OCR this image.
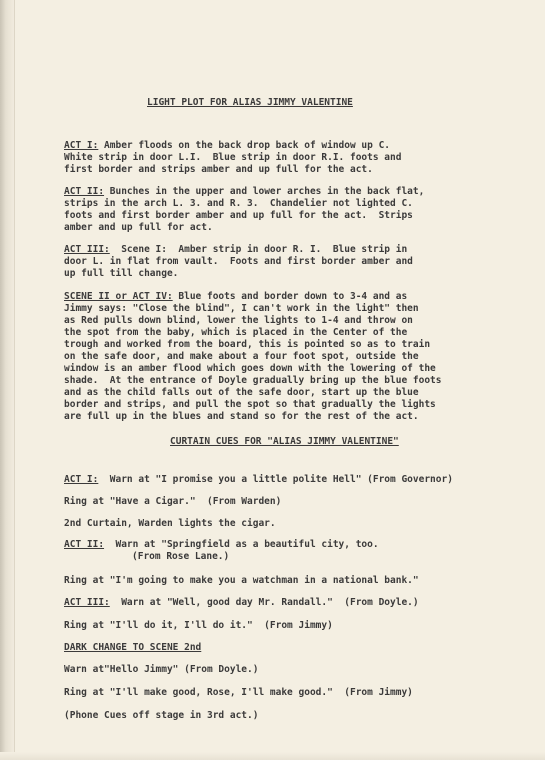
LIGHT PLOT FOR ALIAS JIMMY VALENTINE
ACT I: Amber floods on the back drop back of window up C.
White strip in door L.I.  Blue strip in door R.I. foots and
first border and strips amber and up full for the act.
ACT II: Bunches in the upper and lower arches in the back flat,
strips in the arch L. 3. and R. 3.  Chandelier not lighted C.
foots and first border amber and up full for the act.  Strips
amber and up full for act.
ACT III:  Scene I:  Amber strip in door R. I.  Blue strip in
door L. in flat from vault.  Foots and first border amber and
up full till change.
SCENE II or ACT IV: Blue foots and border down to 3-4 and as
Jimmy says: "Close the blind", I can't work in the light" then
as Red pulls down blind, lower the lights to 1-4 and throw on
the spot from the baby, which is placed in the Center of the
trough and worked from the board, this is pointed so as to train
on the safe door, and make about a four foot spot, outside the
window is an amber flood which goes down with the lowering of the
shade.  At the entrance of Doyle gradually bring up the blue foots
and as the child falls out of the safe door, start up the blue
border and strips, and pull the spot so that gradually the lights
are full up in the blues and stand so for the rest of the act.
CURTAIN CUES FOR "ALIAS JIMMY VALENTINE"
ACT I:  Warn at "I promise you a little polite Hell" (From Governor)
Ring at "Have a Cigar."  (From Warden)
2nd Curtain, Warden lights the cigar.
ACT II:  Warn at "Springfield as a beautiful city, too.
(From Rose Lane.)
Ring at "I'm going to make you a watchman in a national bank."
ACT III:  Warn at "Well, good day Mr. Randall."  (From Doyle.)
Ring at "I'll do it, I'll do it."  (From Jimmy)
DARK CHANGE TO SCENE 2nd
Warn at"Hello Jimmy" (From Doyle.)
Ring at "I'll make good, Rose, I'll make good."  (From Jimmy)
(Phone Cues off stage in 3rd act.)
